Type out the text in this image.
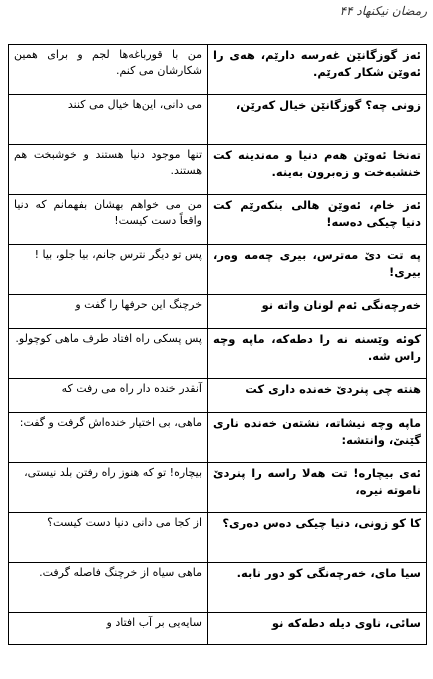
رمضان نیکنهاد ۴۴
من با قورباغه‌ها لجم و برای همین شکارشان می کنم.	ئەز گوزگانێن غەرسە دارێم، هەی را ئەوێن شکار کەرێم.
می دانی، این‌ها خیال می کنند	زونی چە؟ گوزگانێن خیال کەرێن،
تنها موجود دنیا هستند و خوشبخت هم هستند.	تەنخا ئەوێن هەم دنیا و مەندینە کت خنشبەخت و زەبرون بەینە.
من می خواهم بهشان بفهمانم که دنیا واقعاً دست کیست!	ئەز خام، ئەوێن هالی بنکەرێم کت دنیا چیکی دەسە!
پس تو دیگر نترس جانم، بیا جلو، بیا !	پە تت دێ مەترس، بیری چەمە وەر، بیری!
خرچنگ این حرفها را گفت و	خەرچەنگی ئەم لونان واتە نو
پس پسکی راه افتاد طرف ماهی کوچولو.	کوئە وێسنە نە را دطەکە، ماپە وچە راس شە.
آنقدر خنده دار راه می رفت که	هنتە چی پنردێ خەندە داری کت
ماهی، بی اختیار خنده‌اش گرفت و گفت:	ماپە وچە نیشاتە، نشتەن خەندە ناری گێنێ، وانتشە:
بیچاره! تو که هنوز راه رفتن بلد نیستی،	ئەی بیچارە! تت هەلا راسە را پنردێ ناموتە نیرە،
از کجا می دانی دنیا دست کیست؟	کا کو زونی، دنیا چیکی دەس دەری؟
ماهی سیاه از خرچنگ فاصله گرفت.	سیا مای، خەرچەنگی کو دور نابە.
سایه‌یی بر آب افتاد و	سائی، ناوی دیلە دطەکە نو
